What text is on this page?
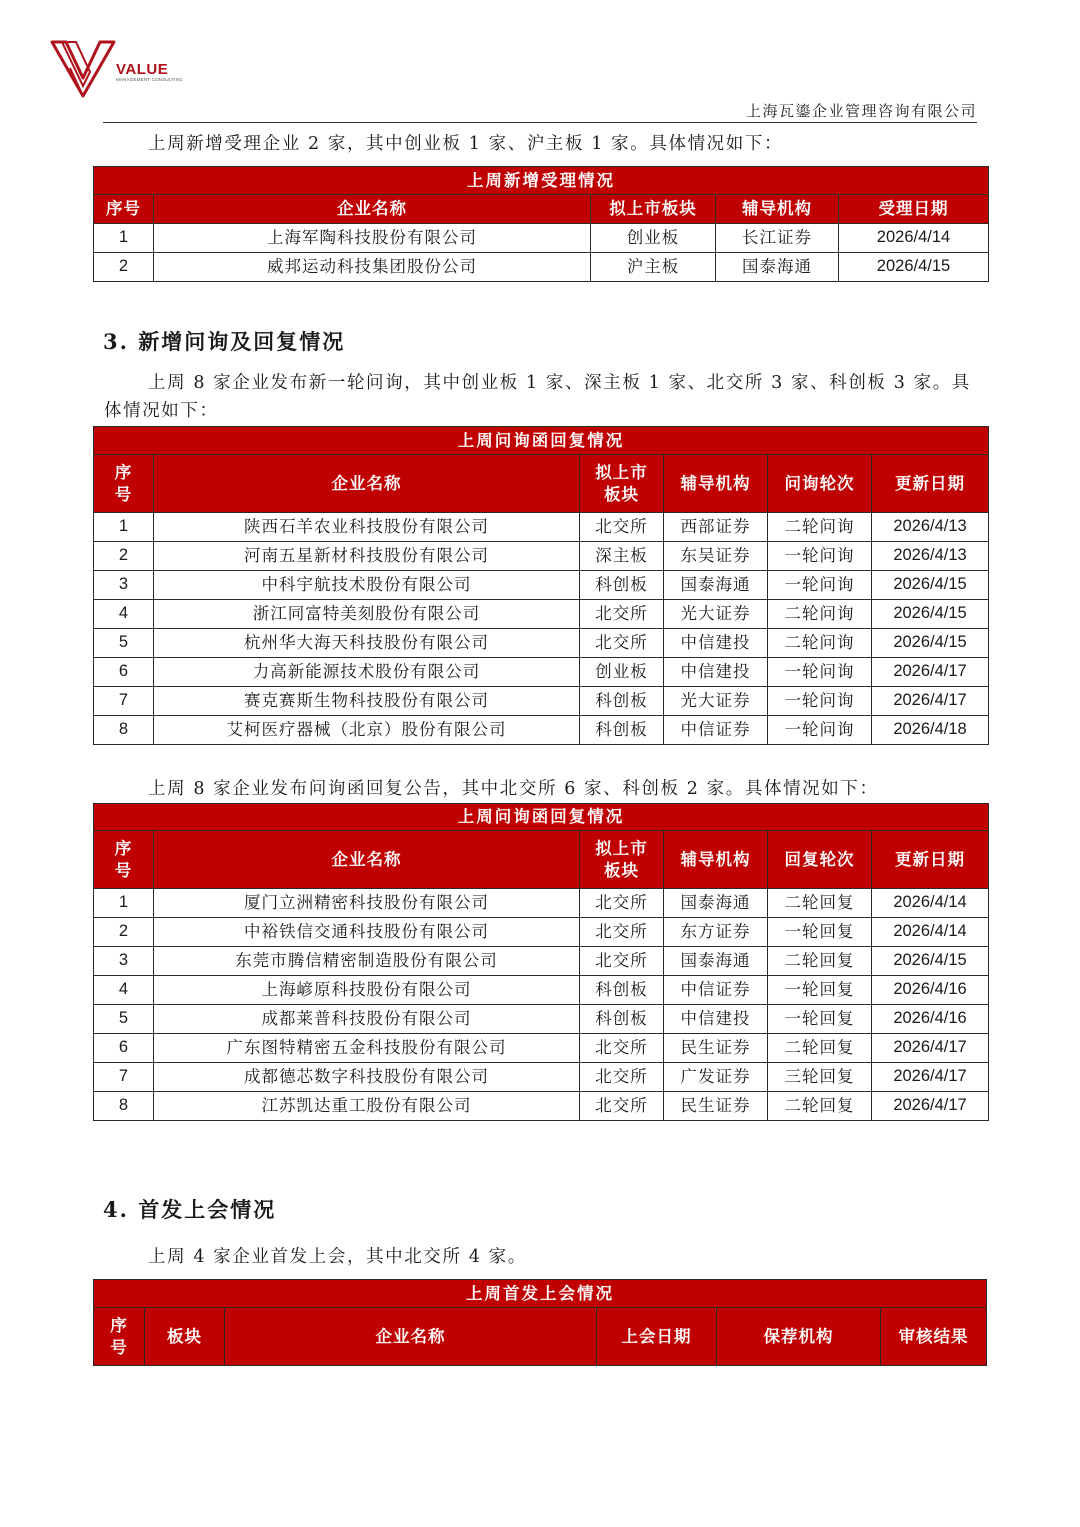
VALUE
MANAGEMENT CONSULTING
上海瓦鎏企业管理咨询有限公司
上周新增受理企业 2 家，其中创业板 1 家、沪主板 1 家。具体情况如下：
上周新增受理情况				
序号	企业名称	拟上市板块	辅导机构	受理日期
1	上海军陶科技股份有限公司	创业板	长江证券	2026/4/14
2	威邦运动科技集团股份公司	沪主板	国泰海通	2026/4/15
3. 新增问询及回复情况
上周 8 家企业发布新一轮问询，其中创业板 1 家、深主板 1 家、北交所 3 家、科创板 3 家。具体情况如下：
上周问询函回复情况					
序号	企业名称	拟上市板块	辅导机构	问询轮次	更新日期
1	陕西石羊农业科技股份有限公司	北交所	西部证券	二轮问询	2026/4/13
2	河南五星新材科技股份有限公司	深主板	东吴证券	一轮问询	2026/4/13
3	中科宇航技术股份有限公司	科创板	国泰海通	一轮问询	2026/4/15
4	浙江同富特美刻股份有限公司	北交所	光大证券	二轮问询	2026/4/15
5	杭州华大海天科技股份有限公司	北交所	中信建投	二轮问询	2026/4/15
6	力高新能源技术股份有限公司	创业板	中信建投	一轮问询	2026/4/17
7	赛克赛斯生物科技股份有限公司	科创板	光大证券	一轮问询	2026/4/17
8	艾柯医疗器械（北京）股份有限公司	科创板	中信证券	一轮问询	2026/4/18
上周 8 家企业发布问询函回复公告，其中北交所 6 家、科创板 2 家。具体情况如下：
上周问询函回复情况					
序号	企业名称	拟上市板块	辅导机构	回复轮次	更新日期
1	厦门立洲精密科技股份有限公司	北交所	国泰海通	二轮回复	2026/4/14
2	中裕铁信交通科技股份有限公司	北交所	东方证券	一轮回复	2026/4/14
3	东莞市腾信精密制造股份有限公司	北交所	国泰海通	二轮回复	2026/4/15
4	上海嵃原科技股份有限公司	科创板	中信证券	一轮回复	2026/4/16
5	成都莱普科技股份有限公司	科创板	中信建投	一轮回复	2026/4/16
6	广东图特精密五金科技股份有限公司	北交所	民生证券	二轮回复	2026/4/17
7	成都德芯数字科技股份有限公司	北交所	广发证券	三轮回复	2026/4/17
8	江苏凯达重工股份有限公司	北交所	民生证券	二轮回复	2026/4/17
4. 首发上会情况
上周 4 家企业首发上会，其中北交所 4 家。
上周首发上会情况
序号	板块	企业名称	上会日期	保荐机构	审核结果
